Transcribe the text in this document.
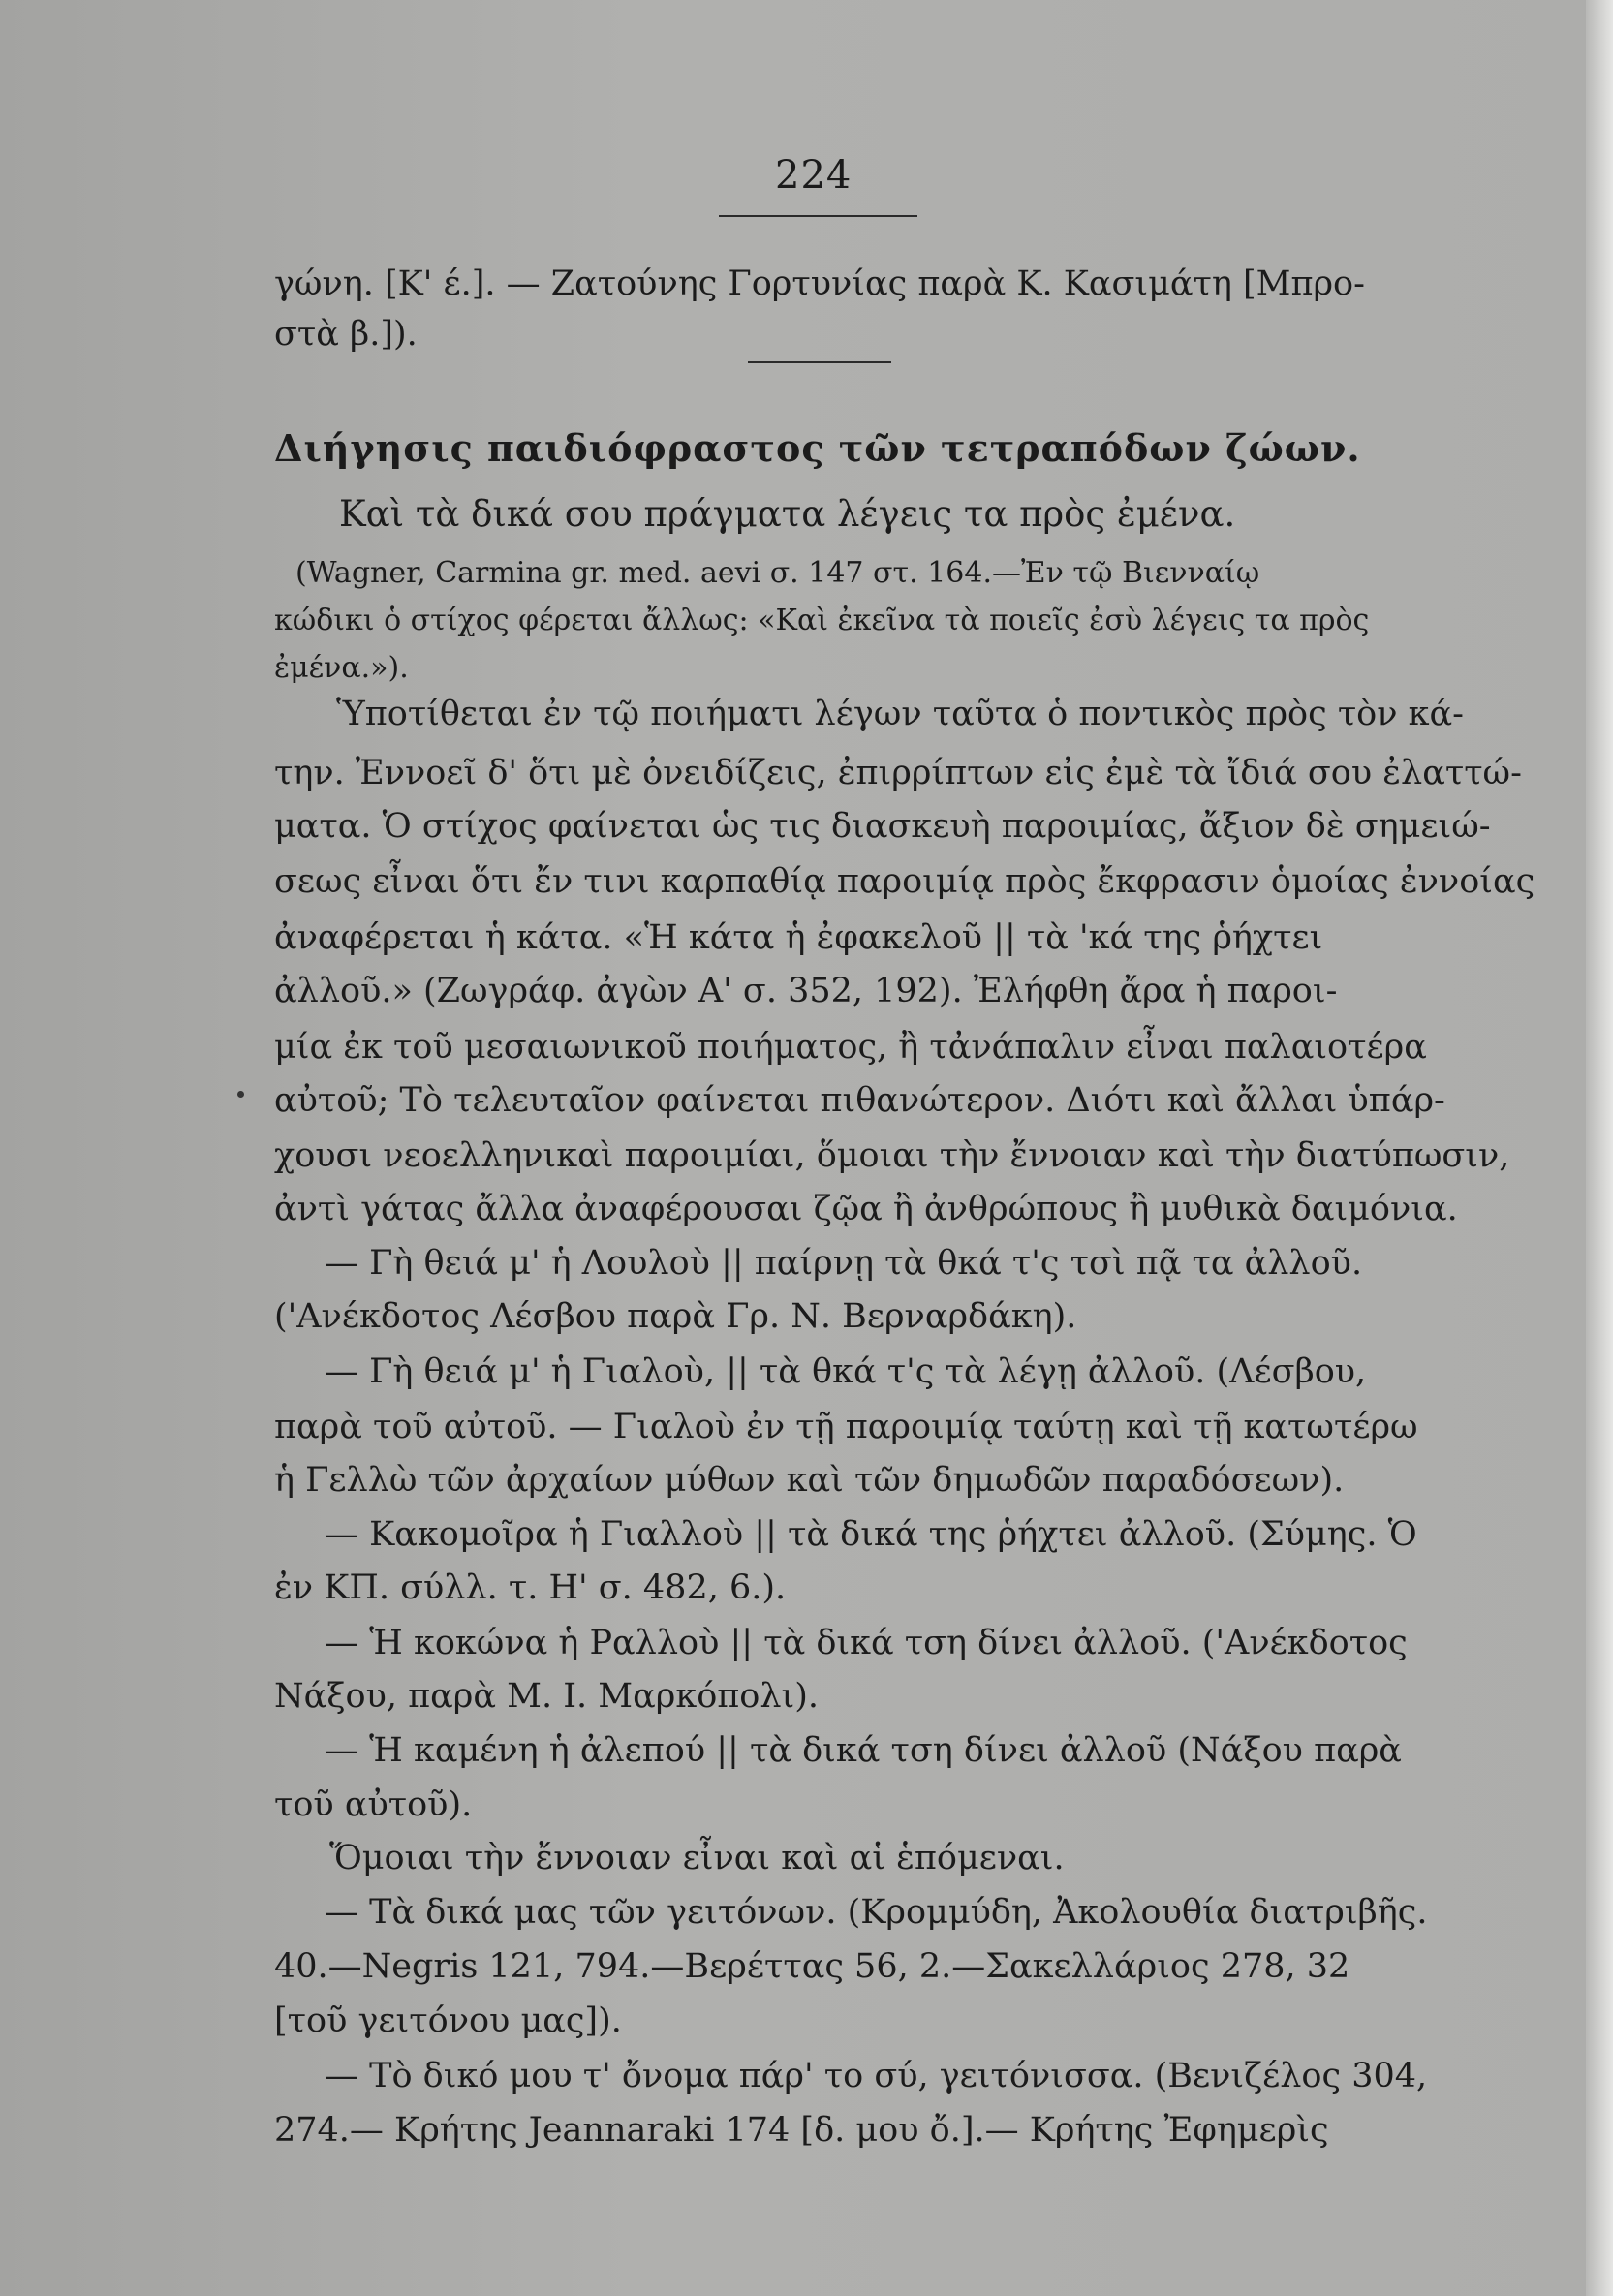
224
γώνη. [Κ' έ.]. — Ζατούνης Γορτυνίας παρὰ Κ. Κασιμάτη [Μπρο-
στὰ β.]).
Διήγησις παιδιόφραστος τῶν τετραπόδων ζώων.
Καὶ τὰ δικά σου πράγματα λέγεις τα πρὸς ἐμένα.
(Wagner, Carmina gr. med. aevi σ. 147 στ. 164.—Ἐν τῷ Βιενναίῳ
κώδικι ὁ στίχος φέρεται ἄλλως: «Καὶ ἐκεῖνα τὰ ποιεῖς ἐσὺ λέγεις τα πρὸς
ἐμένα.»).
Ὑποτίθεται ἐν τῷ ποιήματι λέγων ταῦτα ὁ ποντικὸς πρὸς τὸν κά-
την. Ἐννοεῖ δ' ὅτι μὲ ὀνειδίζεις, ἐπιρρίπτων εἰς ἐμὲ τὰ ἴδιά σου ἐλαττώ-
ματα. Ὁ στίχος φαίνεται ὡς τις διασκευὴ παροιμίας, ἄξιον δὲ σημειώ-
σεως εἶναι ὅτι ἔν τινι καρπαθίᾳ παροιμίᾳ πρὸς ἔκφρασιν ὁμοίας ἐννοίας
ἀναφέρεται ἡ κάτα. «Ἡ κάτα ἡ ἐφακελοῦ || τὰ 'κά της ῥήχτει
ἀλλοῦ.» (Ζωγράφ. ἀγὼν Α' σ. 352, 192). Ἐλήφθη ἄρα ἡ παροι-
μία ἐκ τοῦ μεσαιωνικοῦ ποιήματος, ἢ τἀνάπαλιν εἶναι παλαιοτέρα
αὐτοῦ; Τὸ τελευταῖον φαίνεται πιθανώτερον. Διότι καὶ ἄλλαι ὑπάρ-
χουσι νεοελληνικαὶ παροιμίαι, ὅμοιαι τὴν ἔννοιαν καὶ τὴν διατύπωσιν,
ἀντὶ γάτας ἄλλα ἀναφέρουσαι ζῷα ἢ ἀνθρώπους ἢ μυθικὰ δαιμόνια.
— Γὴ θειά μ' ἡ Λουλοὺ || παίρνῃ τὰ θκά τ'ς τσὶ πᾷ τα ἀλλοῦ.
('Ανέκδοτος Λέσβου παρὰ Γρ. Ν. Βερναρδάκη).
— Γὴ θειά μ' ἡ Γιαλοὺ, || τὰ θκά τ'ς τὰ λέγῃ ἀλλοῦ. (Λέσβου,
παρὰ τοῦ αὐτοῦ. — Γιαλοὺ ἐν τῇ παροιμίᾳ ταύτῃ καὶ τῇ κατωτέρω
ἡ Γελλὼ τῶν ἀρχαίων μύθων καὶ τῶν δημωδῶν παραδόσεων).
— Κακομοῖρα ἡ Γιαλλοὺ || τὰ δικά της ῥήχτει ἀλλοῦ. (Σύμης. Ὁ
ἐν ΚΠ. σύλλ. τ. Η' σ. 482, 6.).
— Ἡ κοκώνα ἡ Ραλλοὺ || τὰ δικά τση δίνει ἀλλοῦ. ('Ανέκδοτος
Νάξου, παρὰ Μ. Ι. Μαρκόπολι).
— Ἡ καμένη ἡ ἀλεπού || τὰ δικά τση δίνει ἀλλοῦ (Νάξου παρὰ
τοῦ αὐτοῦ).
Ὅμοιαι τὴν ἔννοιαν εἶναι καὶ αἱ ἑπόμεναι.
— Τὰ δικά μας τῶν γειτόνων. (Κρομμύδη, Ἀκολουθία διατριβῆς.
40.—Negris 121, 794.—Βερέττας 56, 2.—Σακελλάριος 278, 32
[τοῦ γειτόνου μας]).
— Τὸ δικό μου τ' ὄνομα πάρ' το σύ, γειτόνισσα. (Βενιζέλος 304,
274.— Κρήτης Jeannaraki 174 [δ. μου ὄ.].— Κρήτης Ἐφημερὶς
